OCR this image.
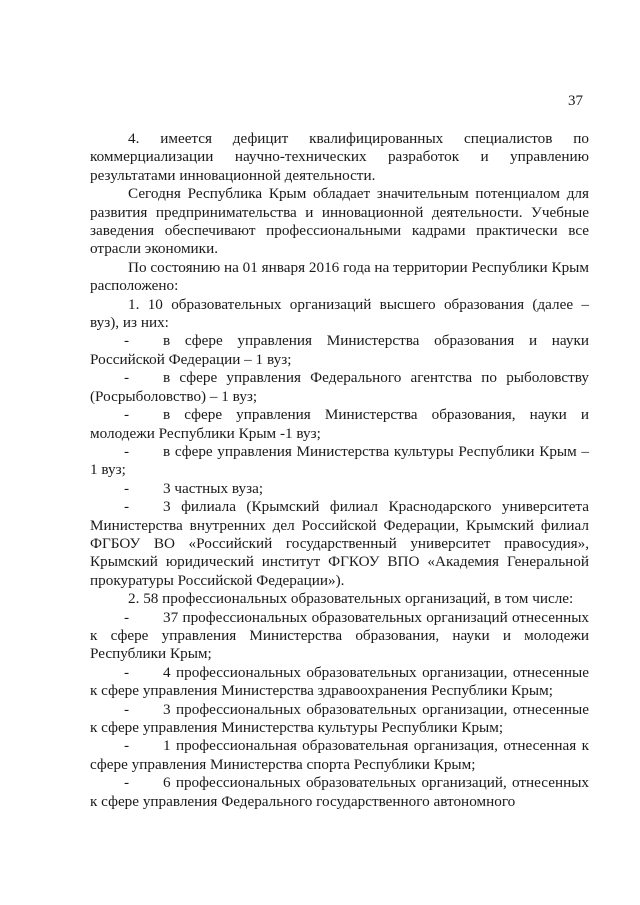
37

4. имеется дефицит квалифицированных специалистов по коммерциализации научно-технических разработок и управлению результатами инновационной деятельности.

Сегодня Республика Крым обладает значительным потенциалом для развития предпринимательства и инновационной деятельности. Учебные заведения обеспечивают профессиональными кадрами практически все отрасли экономики.

По состоянию на 01 января 2016 года на территории Республики Крым расположено:

1. 10 образовательных организаций высшего образования (далее – вуз), из них:

- в сфере управления Министерства образования и науки Российской Федерации – 1 вуз;

- в сфере управления Федерального агентства по рыболовству (Росрыболовство) – 1 вуз;

- в сфере управления Министерства образования, науки и молодежи Республики Крым -1 вуз;

- в сфере управления Министерства культуры Республики Крым – 1 вуз;

- 3 частных вуза;

- 3 филиала (Крымский филиал Краснодарского университета Министерства внутренних дел Российской Федерации, Крымский филиал ФГБОУ ВО «Российский государственный университет правосудия», Крымский юридический институт ФГКОУ ВПО «Академия Генеральной прокуратуры Российской Федерации»).

2. 58 профессиональных образовательных организаций, в том числе:

- 37 профессиональных образовательных организаций отнесенных к сфере управления Министерства образования, науки и молодежи Республики Крым;

- 4 профессиональных образовательных организации, отнесенные к сфере управления Министерства здравоохранения Республики Крым;

- 3 профессиональных образовательных организации, отнесенные к сфере управления Министерства культуры Республики Крым;

- 1 профессиональная образовательная организация, отнесенная к сфере управления Министерства спорта Республики Крым;

- 6 профессиональных образовательных организаций, отнесенных к сфере управления Федерального государственного автономного
